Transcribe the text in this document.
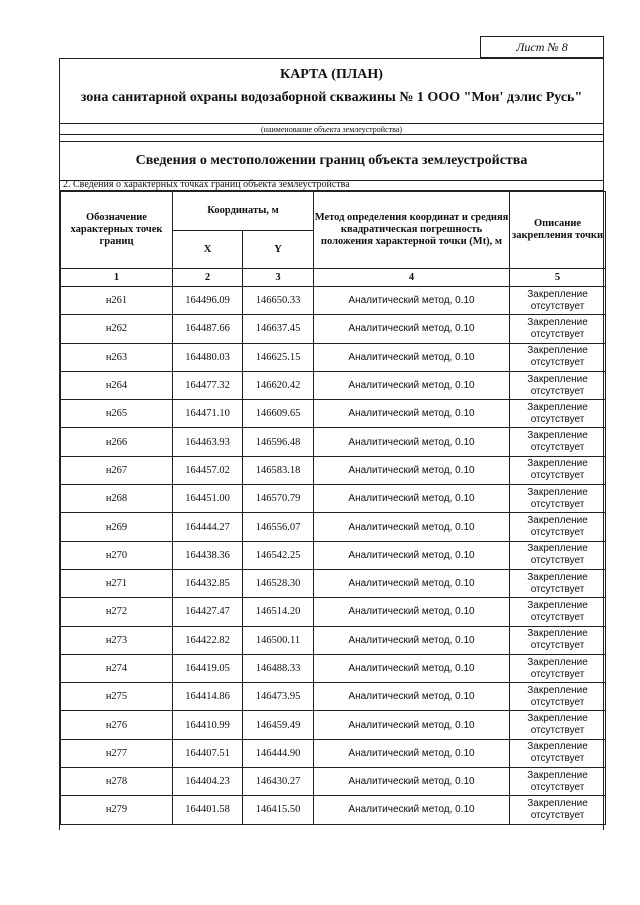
Лист № 8
КАРТА (ПЛАН)
зона санитарной охраны водозаборной скважины № 1 ООО "Мон' дэлис Русь"
(наименование объекта землеустройства)
Сведения о местоположении границ объекта землеустройства
2. Сведения о характерных точках границ объекта землеустройства
Обозначение характерных точек границ	Координаты, м		Метод определения координат и средняя квадратическая погрешность положения характерной точки (Mt), м	Описание закрепления точки
	X	Y		
1	2	3	4	5
н261	164496.09	146650.33	Аналитический метод, 0.10	Закрепление отсутствует
н262	164487.66	146637.45	Аналитический метод, 0.10	Закрепление отсутствует
н263	164480.03	146625.15	Аналитический метод, 0.10	Закрепление отсутствует
н264	164477.32	146620.42	Аналитический метод, 0.10	Закрепление отсутствует
н265	164471.10	146609.65	Аналитический метод, 0.10	Закрепление отсутствует
н266	164463.93	146596.48	Аналитический метод, 0.10	Закрепление отсутствует
н267	164457.02	146583.18	Аналитический метод, 0.10	Закрепление отсутствует
н268	164451.00	146570.79	Аналитический метод, 0.10	Закрепление отсутствует
н269	164444.27	146556.07	Аналитический метод, 0.10	Закрепление отсутствует
н270	164438.36	146542.25	Аналитический метод, 0.10	Закрепление отсутствует
н271	164432.85	146528.30	Аналитический метод, 0.10	Закрепление отсутствует
н272	164427.47	146514.20	Аналитический метод, 0.10	Закрепление отсутствует
н273	164422.82	146500.11	Аналитический метод, 0.10	Закрепление отсутствует
н274	164419.05	146488.33	Аналитический метод, 0.10	Закрепление отсутствует
н275	164414.86	146473.95	Аналитический метод, 0.10	Закрепление отсутствует
н276	164410.99	146459.49	Аналитический метод, 0.10	Закрепление отсутствует
н277	164407.51	146444.90	Аналитический метод, 0.10	Закрепление отсутствует
н278	164404.23	146430.27	Аналитический метод, 0.10	Закрепление отсутствует
н279	164401.58	146415.50	Аналитический метод, 0.10	Закрепление отсутствует
